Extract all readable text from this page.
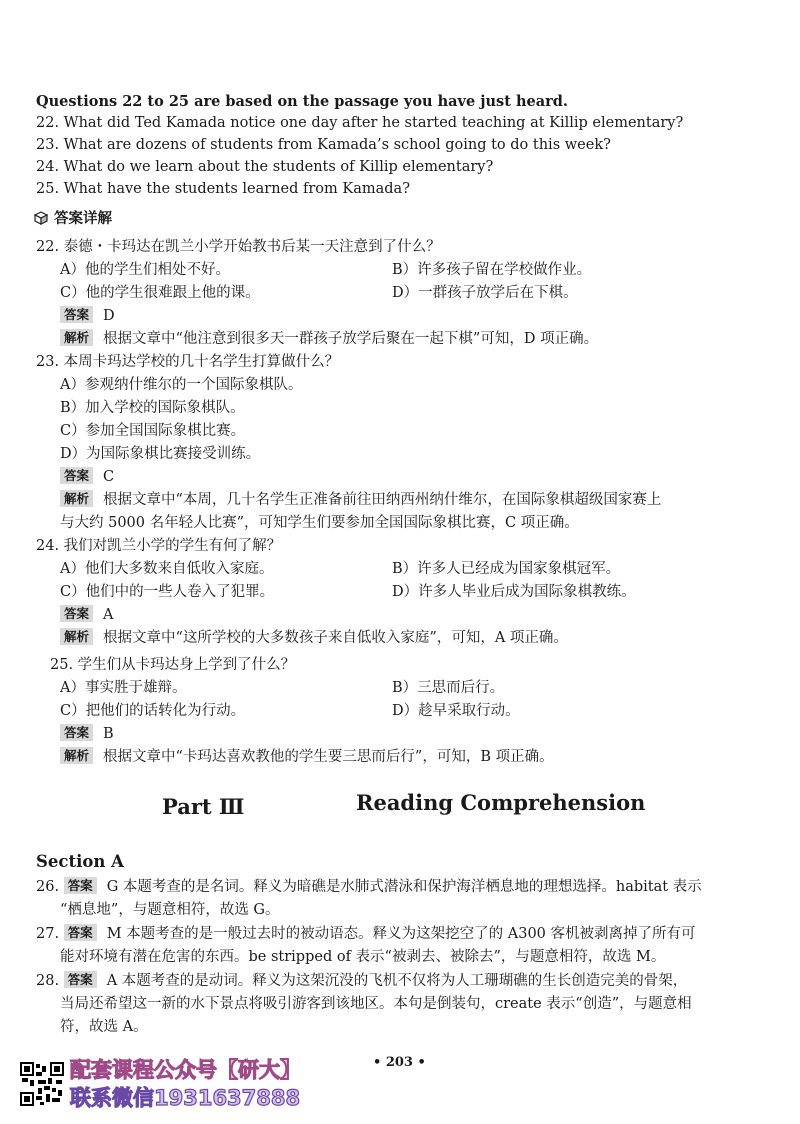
Questions 22 to 25 are based on the passage you have just heard.
22. What did Ted Kamada notice one day after he started teaching at Killip elementary?
23. What are dozens of students from Kamada’s school going to do this week?
24. What do we learn about the students of Killip elementary?
25. What have the students learned from Kamada?
答案详解
22. 泰德・卡玛达在凯兰小学开始教书后某一天注意到了什么？
A）他的学生们相处不好。	B）许多孩子留在学校做作业。
C）他的学生很难跟上他的课。	D）一群孩子放学后在下棋。
答案 D
解析 根据文章中“他注意到很多天一群孩子放学后聚在一起下棋”可知，D 项正确。
23. 本周卡玛达学校的几十名学生打算做什么？
A）参观纳什维尔的一个国际象棋队。
B）加入学校的国际象棋队。
C）参加全国国际象棋比赛。
D）为国际象棋比赛接受训练。
答案 C
解析 根据文章中“本周，几十名学生正准备前往田纳西州纳什维尔，在国际象棋超级国家赛上
与大约 5000 名年轻人比赛”，可知学生们要参加全国国际象棋比赛，C 项正确。
24. 我们对凯兰小学的学生有何了解？
A）他们大多数来自低收入家庭。	B）许多人已经成为国家象棋冠军。
C）他们中的一些人卷入了犯罪。	D）许多人毕业后成为国际象棋教练。
答案 A
解析 根据文章中“这所学校的大多数孩子来自低收入家庭”，可知，A 项正确。
25. 学生们从卡玛达身上学到了什么？
A）事实胜于雄辩。	B）三思而后行。
C）把他们的话转化为行动。	D）趁早采取行动。
答案 B
解析 根据文章中“卡玛达喜欢教他的学生要三思而后行”，可知，B 项正确。
Part Ⅲ	Reading Comprehension
Section A
26. 答案 G 本题考查的是名词。释义为暗礁是水肺式潜泳和保护海洋栖息地的理想选择。habitat 表示
“栖息地”，与题意相符，故选 G。
27. 答案 M 本题考查的是一般过去时的被动语态。释义为这架挖空了的 A300 客机被剥离掉了所有可
能对环境有潜在危害的东西。be stripped of 表示“被剥去、被除去”，与题意相符，故选 M。
28. 答案 A 本题考查的是动词。释义为这架沉没的飞机不仅将为人工珊瑚礁的生长创造完美的骨架，
当局还希望这一新的水下景点将吸引游客到该地区。本句是倒装句，create 表示“创造”，与题意相
符，故选 A。
• 203 •
配套课程公众号【研大】
联系微信1931637888
